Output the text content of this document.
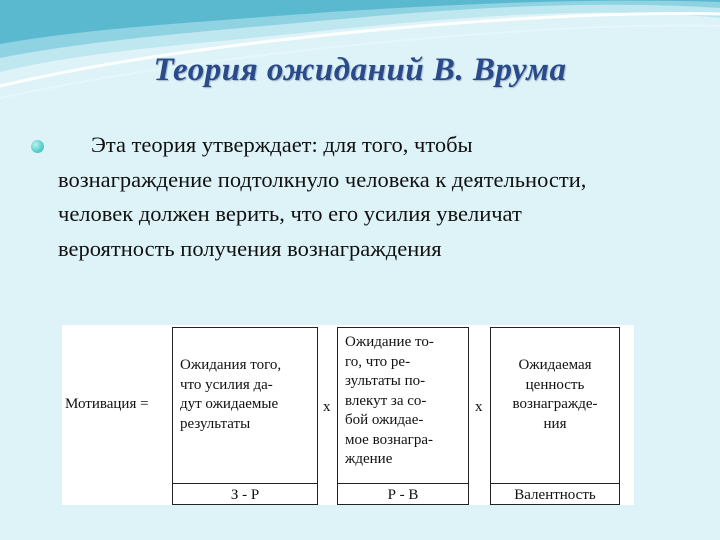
Теория ожиданий В. Врума
Эта теория утверждает: для того, чтобы вознаграждение подтолкнуло человека к деятельности, человек должен верить, что его усилия увеличат вероятность получения вознаграждения
Мотивация =
Ожидания того,
что усилия да-
дут ожидаемые
результаты
З - Р
x
Ожидание то-
го, что ре-
зультаты по-
влекут за со-
бой ожидае-
мое вознагра-
ждение
Р - В
x
Ожидаемая
ценность
вознагражде-
ния
Валентность
